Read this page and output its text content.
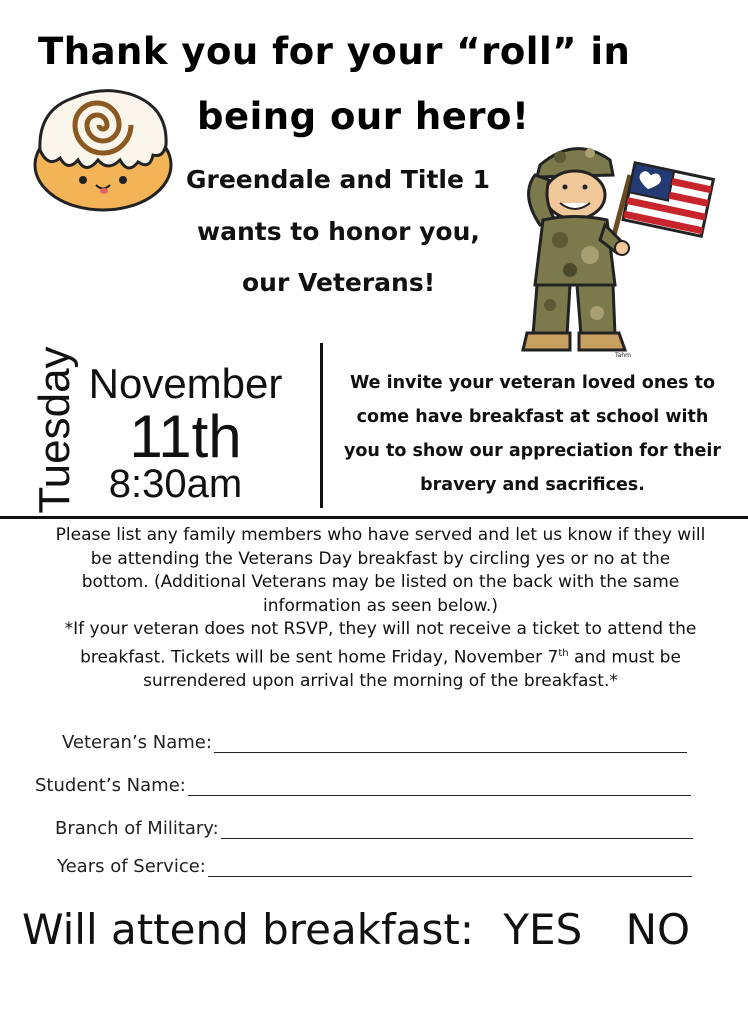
Thank you for your “roll” in
being our hero!
Greendale and Title 1
wants to honor you,
our Veterans!
Tahm
Tuesday November
11th
8:30am
We invite your veteran loved ones to
come have breakfast at school with
you to show our appreciation for their
bravery and sacrifices.
Please list any family members who have served and let us know if they will
be attending the Veterans Day breakfast by circling yes or no at the
bottom. (Additional Veterans may be listed on the back with the same
information as seen below.)
*If your veteran does not RSVP, they will not receive a ticket to attend the
breakfast. Tickets will be sent home Friday, November 7th and must be
surrendered upon arrival the morning of the breakfast.*
Veteran’s Name:
Student’s Name:
Branch of Military:
Years of Service:
Will attend breakfast: YES NO
